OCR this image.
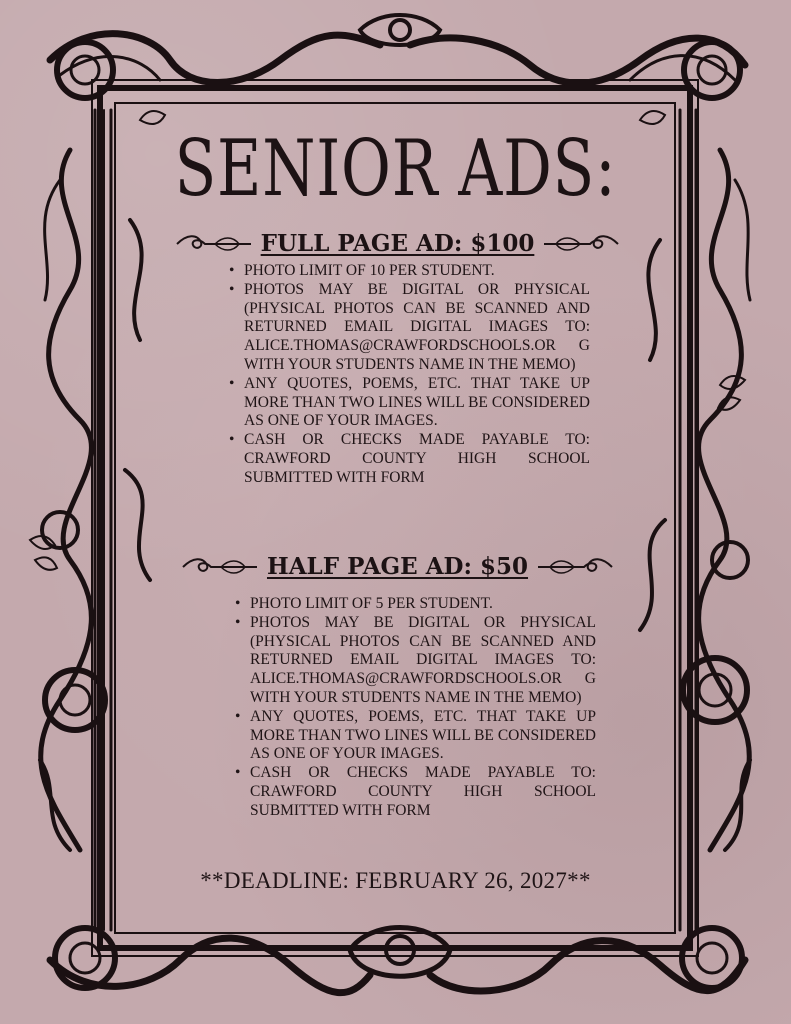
SENIOR ADS:
FULL PAGE AD: $100
• PHOTO LIMIT OF 10 PER STUDENT.
• PHOTOS MAY BE DIGITAL OR PHYSICAL (PHYSICAL PHOTOS CAN BE SCANNED AND RETURNED EMAIL DIGITAL IMAGES TO: ALICE.THOMAS@CRAWFORDSCHOOLS.OR G WITH YOUR STUDENTS NAME IN THE MEMO)
• ANY QUOTES, POEMS, ETC. THAT TAKE UP MORE THAN TWO LINES WILL BE CONSIDERED AS ONE OF YOUR IMAGES.
• CASH OR CHECKS MADE PAYABLE TO: CRAWFORD COUNTY HIGH SCHOOL SUBMITTED WITH FORM
HALF PAGE AD: $50
• PHOTO LIMIT OF 5 PER STUDENT.
• PHOTOS MAY BE DIGITAL OR PHYSICAL (PHYSICAL PHOTOS CAN BE SCANNED AND RETURNED EMAIL DIGITAL IMAGES TO: ALICE.THOMAS@CRAWFORDSCHOOLS.OR G WITH YOUR STUDENTS NAME IN THE MEMO)
• ANY QUOTES, POEMS, ETC. THAT TAKE UP MORE THAN TWO LINES WILL BE CONSIDERED AS ONE OF YOUR IMAGES.
• CASH OR CHECKS MADE PAYABLE TO: CRAWFORD COUNTY HIGH SCHOOL SUBMITTED WITH FORM
**DEADLINE: FEBRUARY 26, 2027**
